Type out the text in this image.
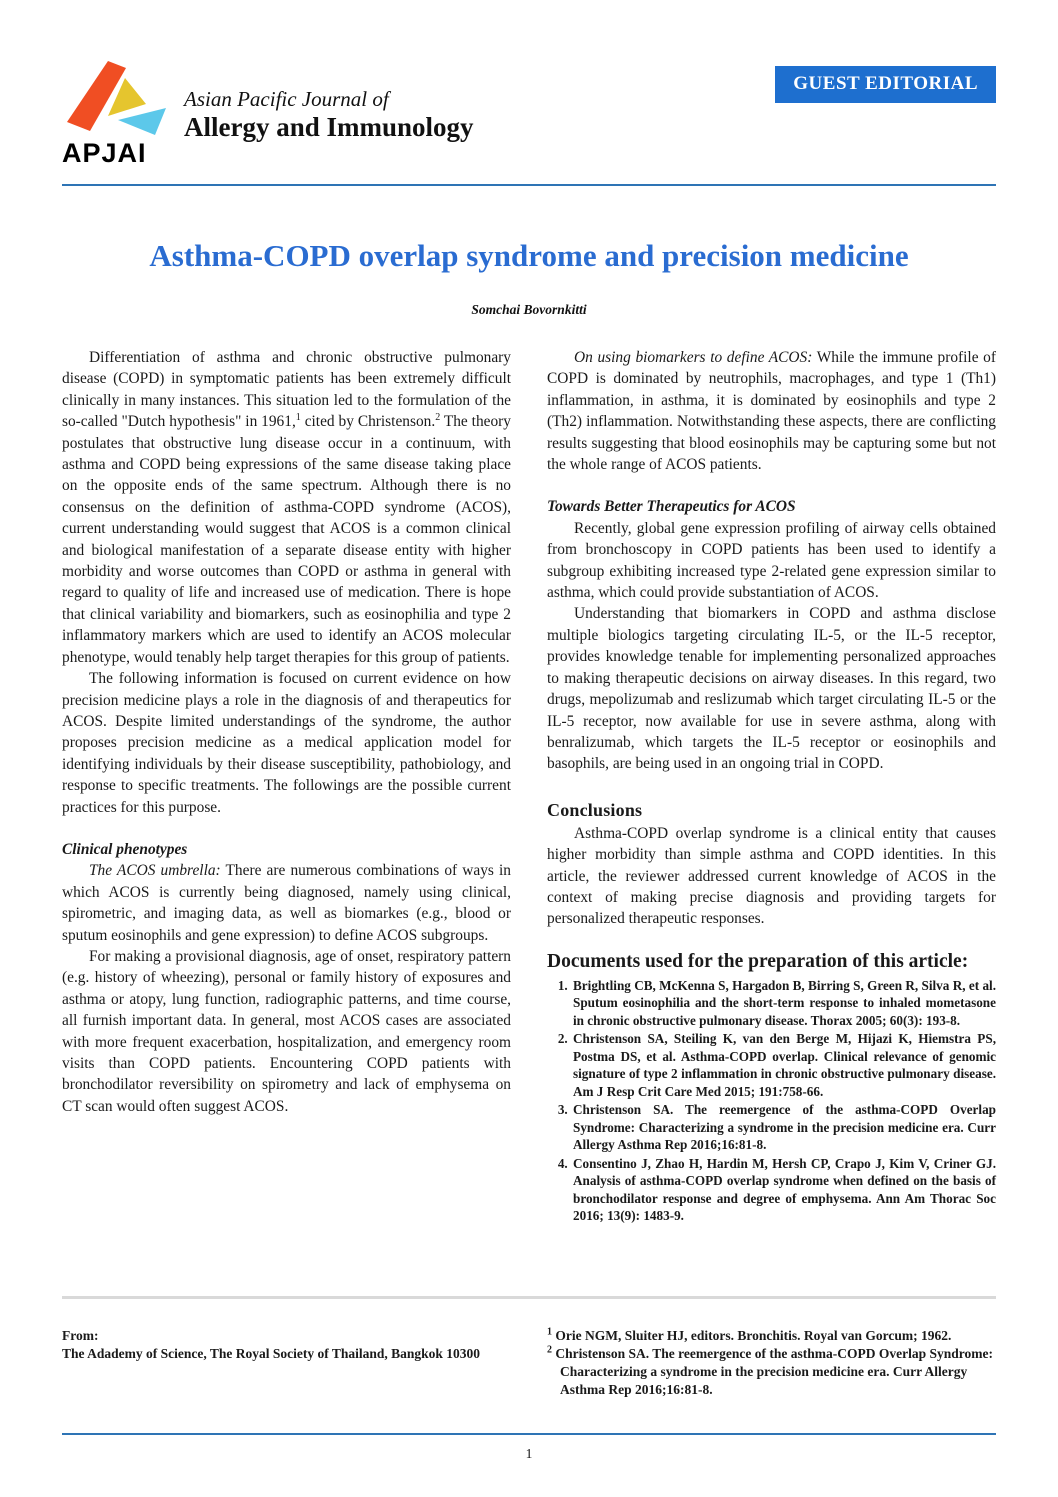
APJAI
Asian Pacific Journal of
Allergy and Immunology
GUEST EDITORIAL
Asthma-COPD overlap syndrome and precision medicine
Somchai Bovornkitti

Differentiation of asthma and chronic obstructive pulmonary disease (COPD) in symptomatic patients has been extremely difficult clinically in many instances. This situation led to the formulation of the so-called "Dutch hypothesis" in 1961,$^1$ cited by Christenson.$^2$ The theory postulates that obstructive lung disease occur in a continuum, with asthma and COPD being expressions of the same disease taking place on the opposite ends of the same spectrum. Although there is no consensus on the definition of asthma-COPD syndrome (ACOS), current understanding would suggest that ACOS is a common clinical and biological manifestation of a separate disease entity with higher morbidity and worse outcomes than COPD or asthma in general with regard to quality of life and increased use of medication. There is hope that clinical variability and biomarkers, such as eosinophilia and type 2 inflammatory markers which are used to identify an ACOS molecular phenotype, would tenably help target therapies for this group of patients.

The following information is focused on current evidence on how precision medicine plays a role in the diagnosis of and therapeutics for ACOS. Despite limited understandings of the syndrome, the author proposes precision medicine as a medical application model for identifying individuals by their disease susceptibility, pathobiology, and response to specific treatments. The followings are the possible current practices for this purpose.

Clinical phenotypes

The ACOS umbrella: There are numerous combinations of ways in which ACOS is currently being diagnosed, namely using clinical, spirometric, and imaging data, as well as biomarkes (e.g., blood or sputum eosinophils and gene expression) to define ACOS subgroups.

For making a provisional diagnosis, age of onset, respiratory pattern (e.g. history of wheezing), personal or family history of exposures and asthma or atopy, lung function, radiographic patterns, and time course, all furnish important data. In general, most ACOS cases are associated with more frequent exacerbation, hospitalization, and emergency room visits than COPD patients. Encountering COPD patients with bronchodilator reversibility on spirometry and lack of emphysema on CT scan would often suggest ACOS.

On using biomarkers to define ACOS: While the immune profile of COPD is dominated by neutrophils, macrophages, and type 1 (Th1) inflammation, in asthma, it is dominated by eosinophils and type 2 (Th2) inflammation. Notwithstanding these aspects, there are conflicting results suggesting that blood eosinophils may be capturing some but not the whole range of ACOS patients.

Towards Better Therapeutics for ACOS

Recently, global gene expression profiling of airway cells obtained from bronchoscopy in COPD patients has been used to identify a subgroup exhibiting increased type 2-related gene expression similar to asthma, which could provide substantiation of ACOS.

Understanding that biomarkers in COPD and asthma disclose multiple biologics targeting circulating IL-5, or the IL-5 receptor, provides knowledge tenable for implementing personalized approaches to making therapeutic decisions on airway diseases. In this regard, two drugs, mepolizumab and reslizumab which target circulating IL-5 or the IL-5 receptor, now available for use in severe asthma, along with benralizumab, which targets the IL-5 receptor or eosinophils and basophils, are being used in an ongoing trial in COPD.

Conclusions

Asthma-COPD overlap syndrome is a clinical entity that causes higher morbidity than simple asthma and COPD identities. In this article, the reviewer addressed current knowledge of ACOS in the context of making precise diagnosis and providing targets for personalized therapeutic responses.

Documents used for the preparation of this article:
1. Brightling CB, McKenna S, Hargadon B, Birring S, Green R, Silva R, et al. Sputum eosinophilia and the short-term response to inhaled mometasone in chronic obstructive pulmonary disease. Thorax 2005; 60(3): 193-8.
2. Christenson SA, Steiling K, van den Berge M, Hijazi K, Hiemstra PS, Postma DS, et al. Asthma-COPD overlap. Clinical relevance of genomic signature of type 2 inflammation in chronic obstructive pulmonary disease. Am J Resp Crit Care Med 2015; 191:758-66.
3. Christenson SA. The reemergence of the asthma-COPD Overlap Syndrome: Characterizing a syndrome in the precision medicine era. Curr Allergy Asthma Rep 2016;16:81-8.
4. Consentino J, Zhao H, Hardin M, Hersh CP, Crapo J, Kim V, Criner GJ. Analysis of asthma-COPD overlap syndrome when defined on the basis of bronchodilator response and degree of emphysema. Ann Am Thorac Soc 2016; 13(9): 1483-9.
From:
The Adademy of Science, The Royal Society of Thailand, Bangkok 10300

$^1$ Orie NGM, Sluiter HJ, editors. Bronchitis. Royal van Gorcum; 1962.

$^2$ Christenson SA. The reemergence of the asthma-COPD Overlap Syndrome: Characterizing a syndrome in the precision medicine era. Curr Allergy Asthma Rep 2016;16:81-8.

1
